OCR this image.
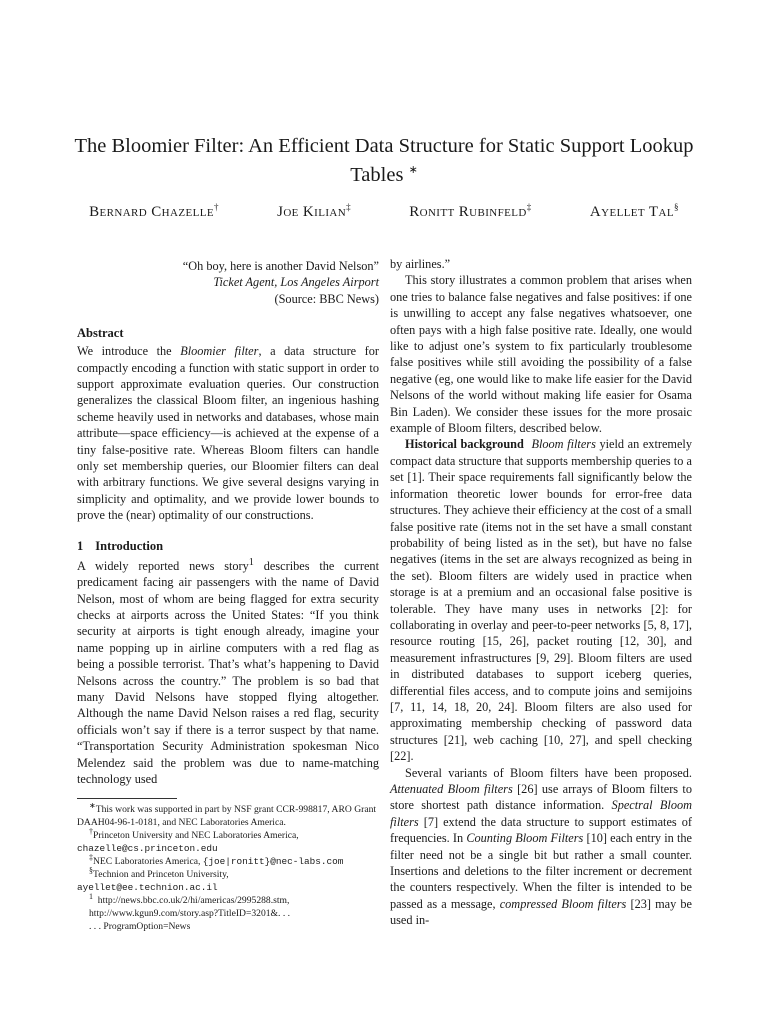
The Bloomier Filter: An Efficient Data Structure for Static Support Lookup Tables ∗
Bernard Chazelle†	Joe Kilian‡	Ronitt Rubinfeld‡	Ayellet Tal§
“Oh boy, here is another David Nelson”
Ticket Agent, Los Angeles Airport
(Source: BBC News)
Abstract

We introduce the Bloomier filter, a data structure for compactly encoding a function with static support in order to support approximate evaluation queries. Our construction generalizes the classical Bloom filter, an ingenious hashing scheme heavily used in networks and databases, whose main attribute—space efficiency—is achieved at the expense of a tiny false-positive rate. Whereas Bloom filters can handle only set membership queries, our Bloomier filters can deal with arbitrary functions. We give several designs varying in simplicity and optimality, and we provide lower bounds to prove the (near) optimality of our constructions.

1 Introduction

A widely reported news story$^1$ describes the current predicament facing air passengers with the name of David Nelson, most of whom are being flagged for extra security checks at airports across the United States: “If you think security at airports is tight enough already, imagine your name popping up in airline computers with a red flag as being a possible terrorist. That’s what’s happening to David Nelsons across the country.” The problem is so bad that many David Nelsons have stopped flying altogether. Although the name David Nelson raises a red flag, security officials won’t say if there is a terror suspect by that name. “Transportation Security Administration spokesman Nico Melendez said the problem was due to name-matching technology used

∗This work was supported in part by NSF grant CCR-998817, ARO Grant DAAH04-96-1-0181, and NEC Laboratories America.
†Princeton University and NEC Laboratories America,
chazelle@cs.princeton.edu
‡NEC Laboratories America, {joe|ronitt}@nec-labs.com
§Technion and Princeton University,
ayellet@ee.technion.ac.il
$^1$ http://news.bbc.co.uk/2/hi/americas/2995288.stm,
http://www.kgun9.com/story.asp?TitleID=3201&. . .
. . . ProgramOption=News

by airlines.”

This story illustrates a common problem that arises when one tries to balance false negatives and false positives: if one is unwilling to accept any false negatives whatsoever, one often pays with a high false positive rate. Ideally, one would like to adjust one’s system to fix particularly troublesome false positives while still avoiding the possibility of a false negative (eg, one would like to make life easier for the David Nelsons of the world without making life easier for Osama Bin Laden). We consider these issues for the more prosaic example of Bloom filters, described below.

Historical background Bloom filters yield an extremely compact data structure that supports membership queries to a set [1]. Their space requirements fall significantly below the information theoretic lower bounds for error-free data structures. They achieve their efficiency at the cost of a small false positive rate (items not in the set have a small constant probability of being listed as in the set), but have no false negatives (items in the set are always recognized as being in the set). Bloom filters are widely used in practice when storage is at a premium and an occasional false positive is tolerable. They have many uses in networks [2]: for collaborating in overlay and peer-to-peer networks [5, 8, 17], resource routing [15, 26], packet routing [12, 30], and measurement infrastructures [9, 29]. Bloom filters are used in distributed databases to support iceberg queries, differential files access, and to compute joins and semijoins [7, 11, 14, 18, 20, 24]. Bloom filters are also used for approximating membership checking of password data structures [21], web caching [10, 27], and spell checking [22].

Several variants of Bloom filters have been proposed. Attenuated Bloom filters [26] use arrays of Bloom filters to store shortest path distance information. Spectral Bloom filters [7] extend the data structure to support estimates of frequencies. In Counting Bloom Filters [10] each entry in the filter need not be a single bit but rather a small counter. Insertions and deletions to the filter increment or decrement the counters respectively. When the filter is intended to be passed as a message, compressed Bloom filters [23] may be used in-
